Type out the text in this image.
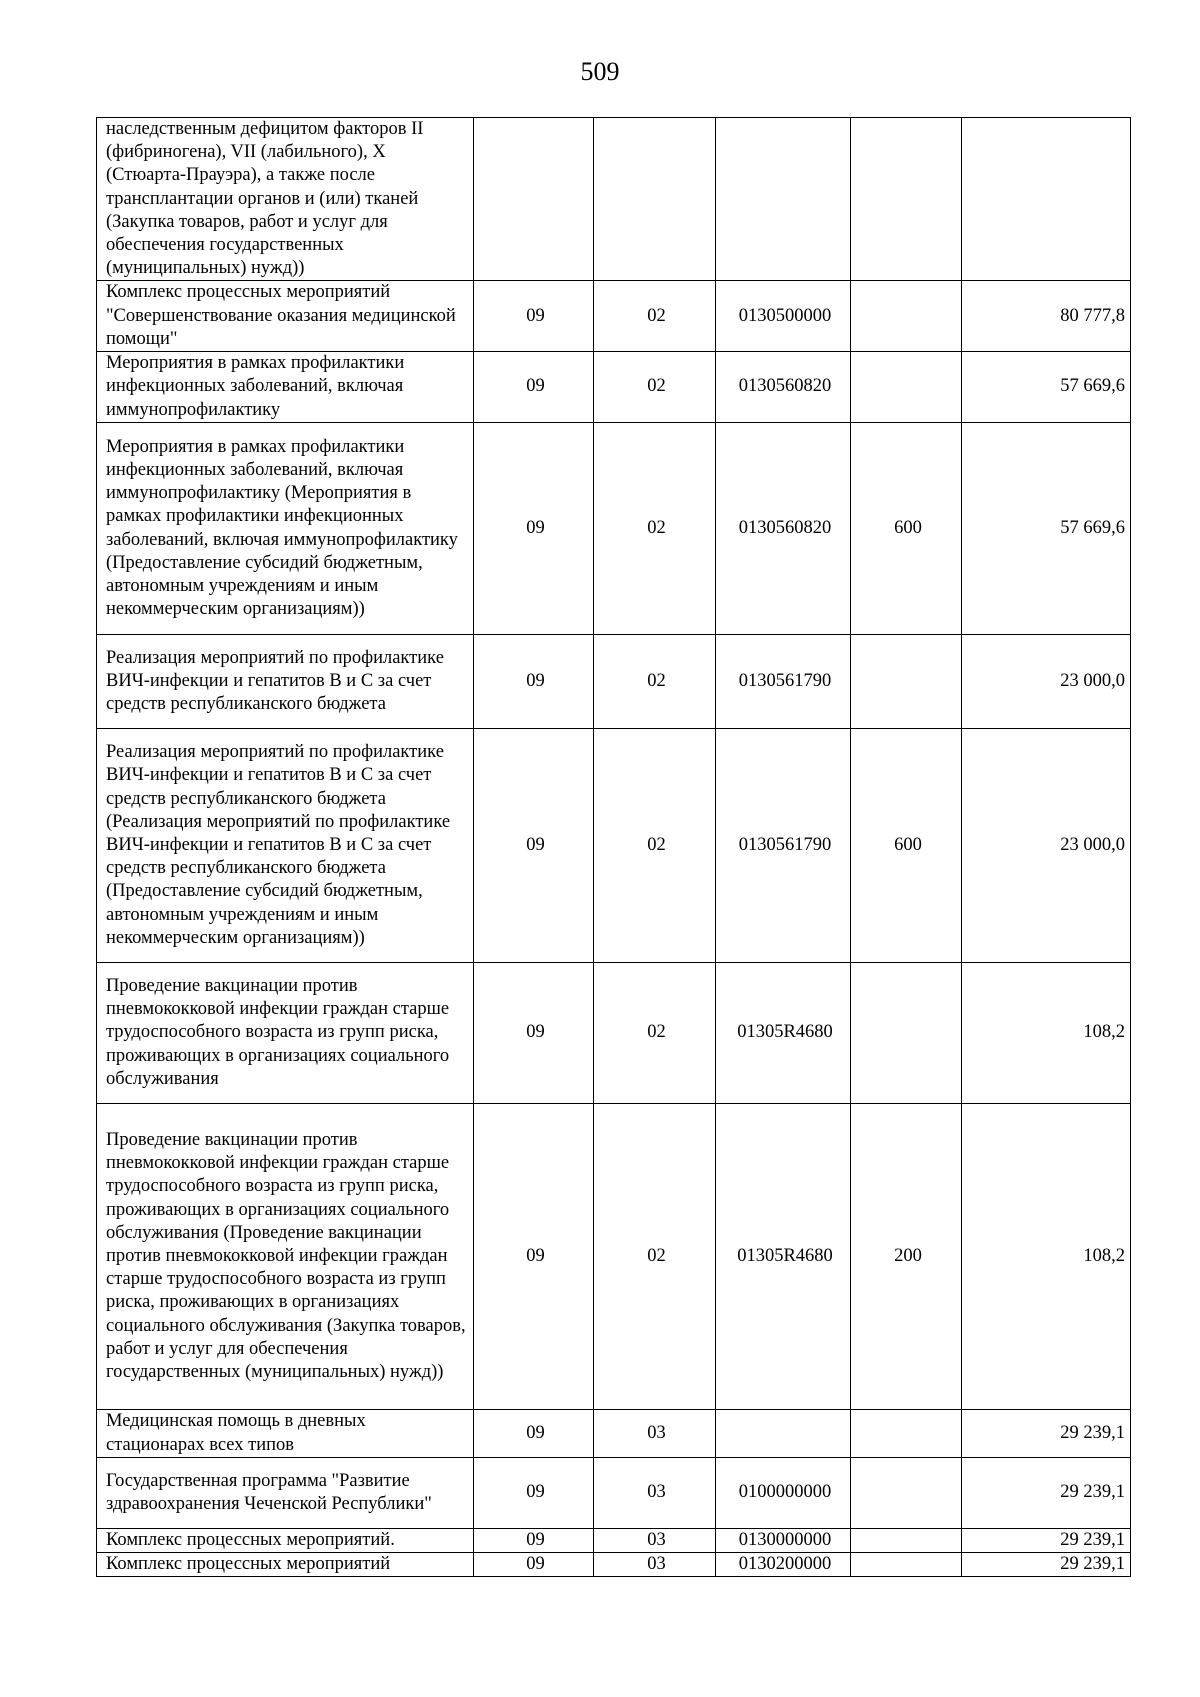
509
наследственным дефицитом факторов II (фибриногена), VII (лабильного), X (Стюарта-Прауэра), а также после трансплантации органов и (или) тканей (Закупка товаров, работ и услуг для обеспечения государственных (муниципальных) нужд))					
Комплекс процессных мероприятий "Совершенствование оказания медицинской помощи"	09	02	0130500000		80 777,8
Мероприятия в рамках профилактики инфекционных заболеваний, включая иммунопрофилактику	09	02	0130560820		57 669,6
Мероприятия в рамках профилактики инфекционных заболеваний, включая иммунопрофилактику (Мероприятия в рамках профилактики инфекционных заболеваний, включая иммунопрофилактику (Предоставление субсидий бюджетным, автономным учреждениям и иным некоммерческим организациям))	09	02	0130560820	600	57 669,6
Реализация мероприятий по профилактике ВИЧ-инфекции и гепатитов B и C за счет средств республиканского бюджета	09	02	0130561790		23 000,0
Реализация мероприятий по профилактике ВИЧ-инфекции и гепатитов B и C за счет средств республиканского бюджета (Реализация мероприятий по профилактике ВИЧ-инфекции и гепатитов B и C за счет средств республиканского бюджета (Предоставление субсидий бюджетным, автономным учреждениям и иным некоммерческим организациям))	09	02	0130561790	600	23 000,0
Проведение вакцинации против пневмококковой инфекции граждан старше трудоспособного возраста из групп риска, проживающих в организациях социального обслуживания	09	02	01305R4680		108,2
Проведение вакцинации против пневмококковой инфекции граждан старше трудоспособного возраста из групп риска, проживающих в организациях социального обслуживания (Проведение вакцинации против пневмококковой инфекции граждан старше трудоспособного возраста из групп риска, проживающих в организациях социального обслуживания (Закупка товаров, работ и услуг для обеспечения государственных (муниципальных) нужд))	09	02	01305R4680	200	108,2
Медицинская помощь в дневных стационарах всех типов	09	03			29 239,1
Государственная программа "Развитие здравоохранения Чеченской Республики"	09	03	0100000000		29 239,1
Комплекс процессных мероприятий.	09	03	0130000000		29 239,1
Комплекс процессных мероприятий	09	03	0130200000		29 239,1
